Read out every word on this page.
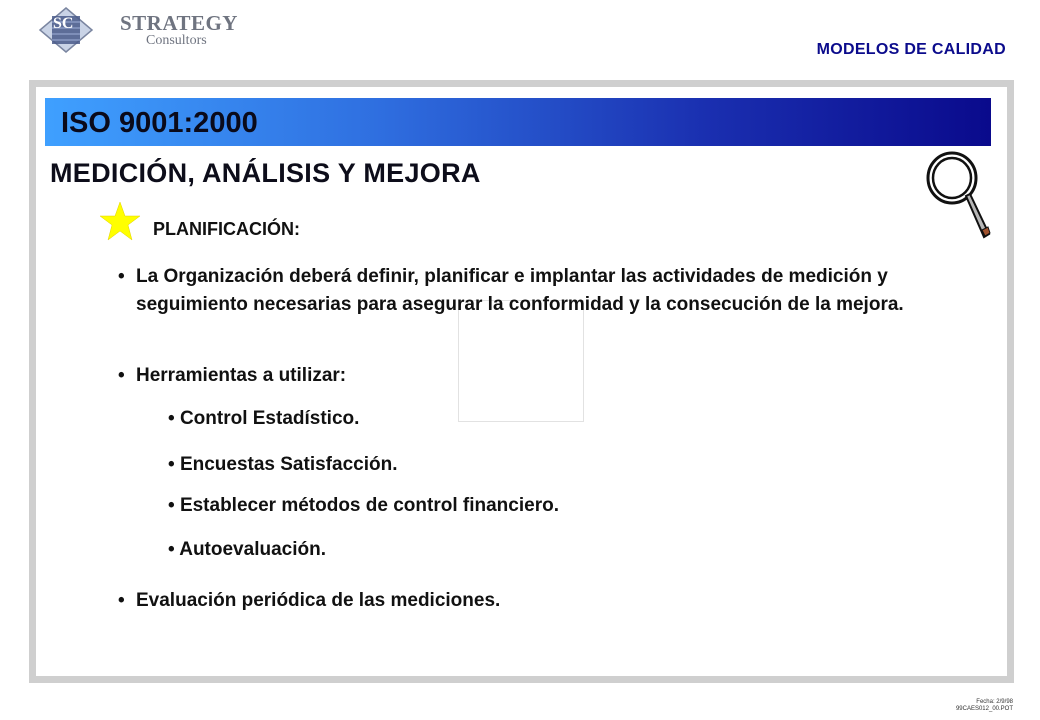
SC STRATEGY
Consultors
MODELOS DE CALIDAD
ISO 9001:2000
MEDICIÓN, ANÁLISIS Y MEJORA
PLANIFICACIÓN:
• La Organización deberá definir, planificar e implantar las actividades de medición y seguimiento necesarias para asegurar la conformidad y la consecución de la mejora.
• Herramientas a utilizar:
• Control Estadístico.
• Encuestas Satisfacción.
• Establecer métodos de control financiero.
• Autoevaluación.
• Evaluación periódica de las mediciones.
Fecha: 2/9/98
99CAES012_00.POT
